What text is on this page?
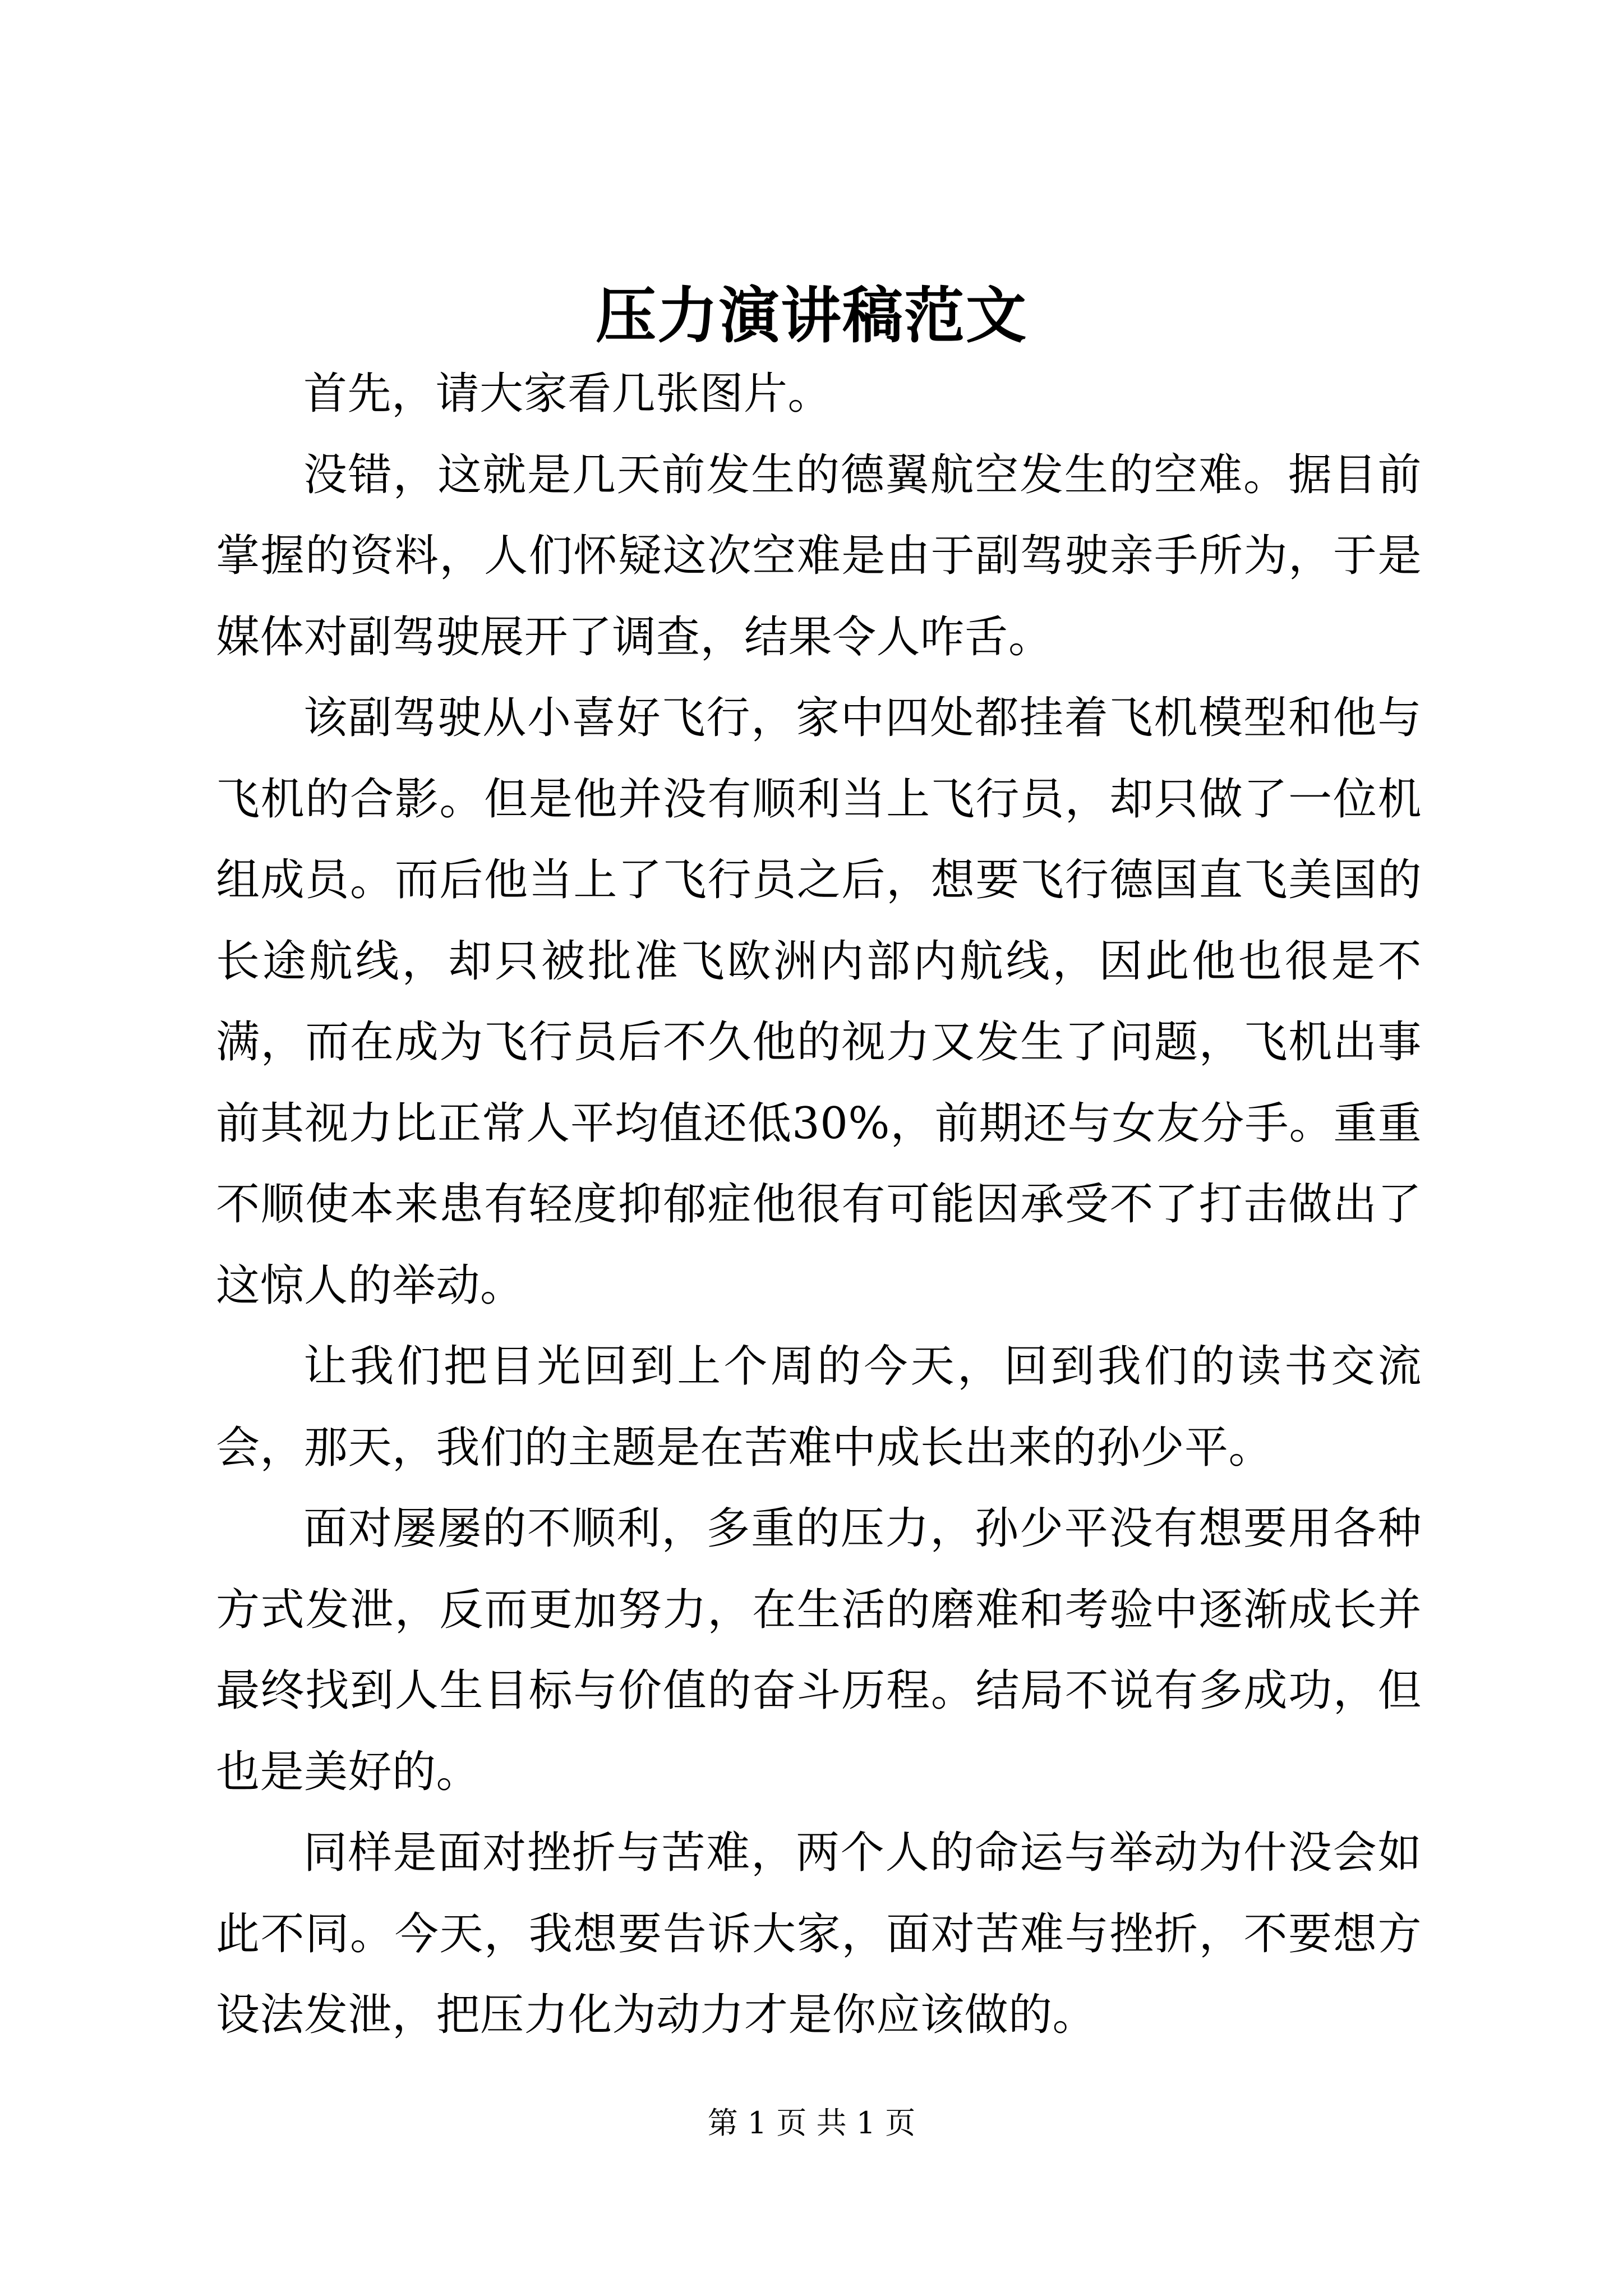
压力演讲稿范文

首先，请大家看几张图片。

没错，这就是几天前发生的德翼航空发生的空难。据目前掌握的资料，人们怀疑这次空难是由于副驾驶亲手所为，于是媒体对副驾驶展开了调查，结果令人咋舌。

该副驾驶从小喜好飞行，家中四处都挂着飞机模型和他与飞机的合影。但是他并没有顺利当上飞行员，却只做了一位机组成员。而后他当上了飞行员之后，想要飞行德国直飞美国的长途航线，却只被批准飞欧洲内部内航线，因此他也很是不满，而在成为飞行员后不久他的视力又发生了问题，飞机出事前其视力比正常人平均值还低30%，前期还与女友分手。重重不顺使本来患有轻度抑郁症他很有可能因承受不了打击做出了这惊人的举动。

让我们把目光回到上个周的今天，回到我们的读书交流会，那天，我们的主题是在苦难中成长出来的孙少平。

面对屡屡的不顺利，多重的压力，孙少平没有想要用各种方式发泄，反而更加努力，在生活的磨难和考验中逐渐成长并最终找到人生目标与价值的奋斗历程。结局不说有多成功，但也是美好的。

同样是面对挫折与苦难，两个人的命运与举动为什没会如此不同。今天，我想要告诉大家，面对苦难与挫折，不要想方设法发泄，把压力化为动力才是你应该做的。

第 1 页 共 1 页
